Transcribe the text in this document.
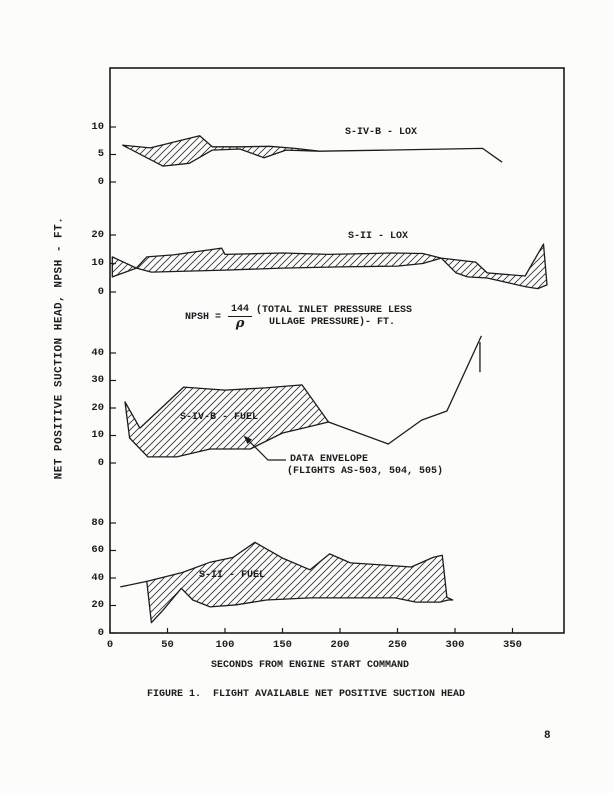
NET POSITIVE SUCTION HEAD, NPSH - FT.
S-IV-B - LOX
S-II - LOX
S-IV-B - FUEL
S-II - FUEL
NPSH = $\frac{144}{\rho}$ (TOTAL INLET PRESSURE LESS
ULLAGE PRESSURE)- FT.
DATA ENVELOPE
(FLIGHTS AS-503, 504, 505)
SECONDS FROM ENGINE START COMMAND
FIGURE 1.  FLIGHT AVAILABLE NET POSITIVE SUCTION HEAD
8
0	50	100	150	200	250	300	350
0
5
10
0
10
20
0
10
20
30
40
0
20
40
60
80
